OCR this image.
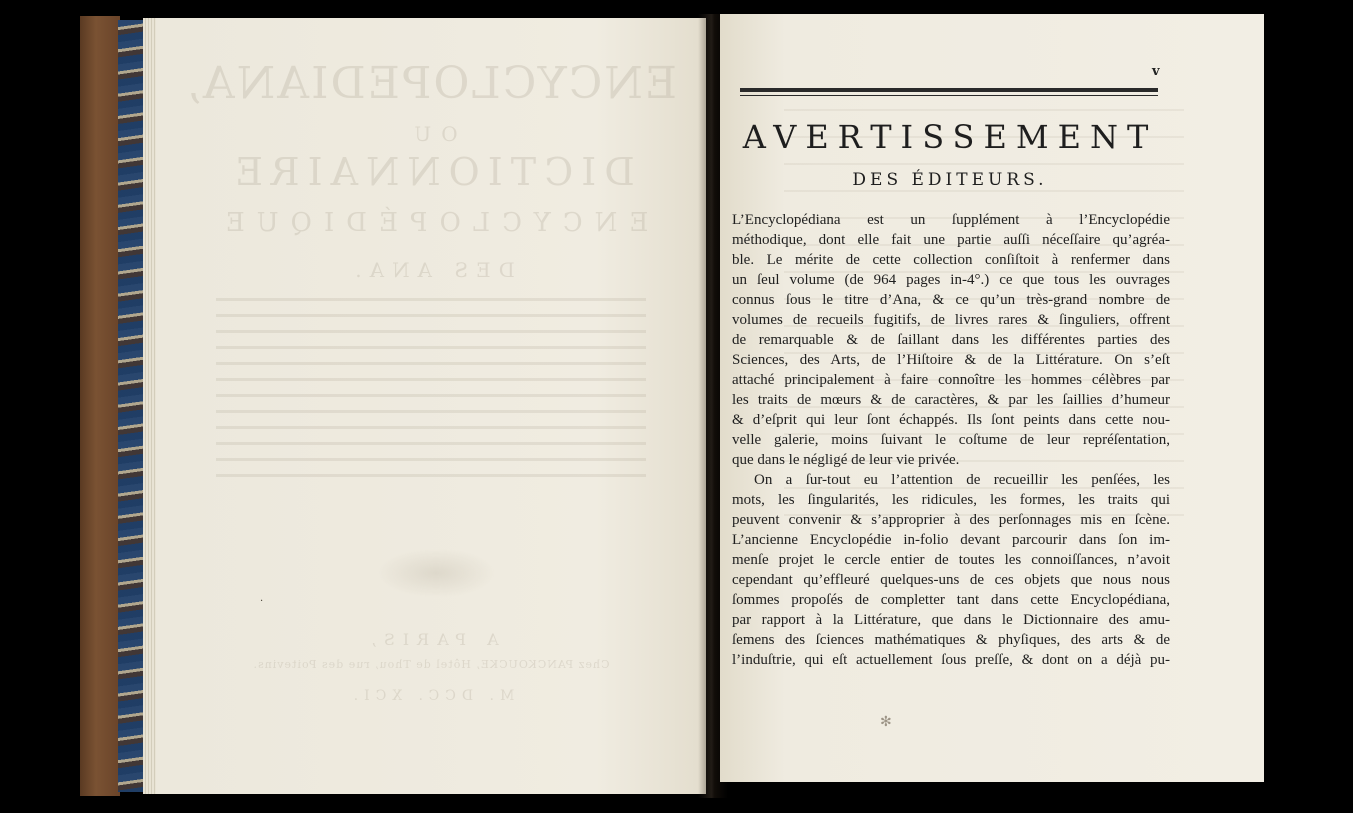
ENCYCLOPEDIANA,
OU
DICTIONNAIRE
ENCYCLOPÉDIQUE
DES ANA.
A PARIS,
Chez PANCKOUCKE, Hôtel de Thou, rue des Poitevins.
M. DCC. XCI.
·
v
AVERTISSEMENT
DES ÉDITEURS.
L’Encyclopédiana est un ſupplément à l’Encyclopédie
méthodique, dont elle fait une partie auſſi néceſſaire qu’agréa-
ble. Le mérite de cette collection conſiſtoit à renfermer dans
un ſeul volume (de 964 pages in-4°.) ce que tous les ouvrages
connus ſous le titre d’Ana, & ce qu’un très-grand nombre de
volumes de recueils fugitifs, de livres rares & ſinguliers, offrent
de remarquable & de ſaillant dans les différentes parties des
Sciences, des Arts, de l’Hiſtoire & de la Littérature. On s’eſt
attaché principalement à faire connoître les hommes célèbres par
les traits de mœurs & de caractères, & par les ſaillies d’humeur
& d’eſprit qui leur ſont échappés. Ils ſont peints dans cette nou-
velle galerie, moins ſuivant le coſtume de leur repréſentation,
que dans le négligé de leur vie privée.
On a ſur-tout eu l’attention de recueillir les penſées, les
mots, les ſingularités, les ridicules, les formes, les traits qui
peuvent convenir & s’approprier à des perſonnages mis en ſcène.
L’ancienne Encyclopédie in-folio devant parcourir dans ſon im-
menſe projet le cercle entier de toutes les connoiſſances, n’avoit
cependant qu’effleuré quelques-uns de ces objets que nous nous
ſommes propoſés de completter tant dans cette Encyclopédiana,
par rapport à la Littérature, que dans le Dictionnaire des amu-
ſemens des ſciences mathématiques & phyſiques, des arts & de
l’induſtrie, qui eſt actuellement ſous preſſe, & dont on a déjà pu-
✻
